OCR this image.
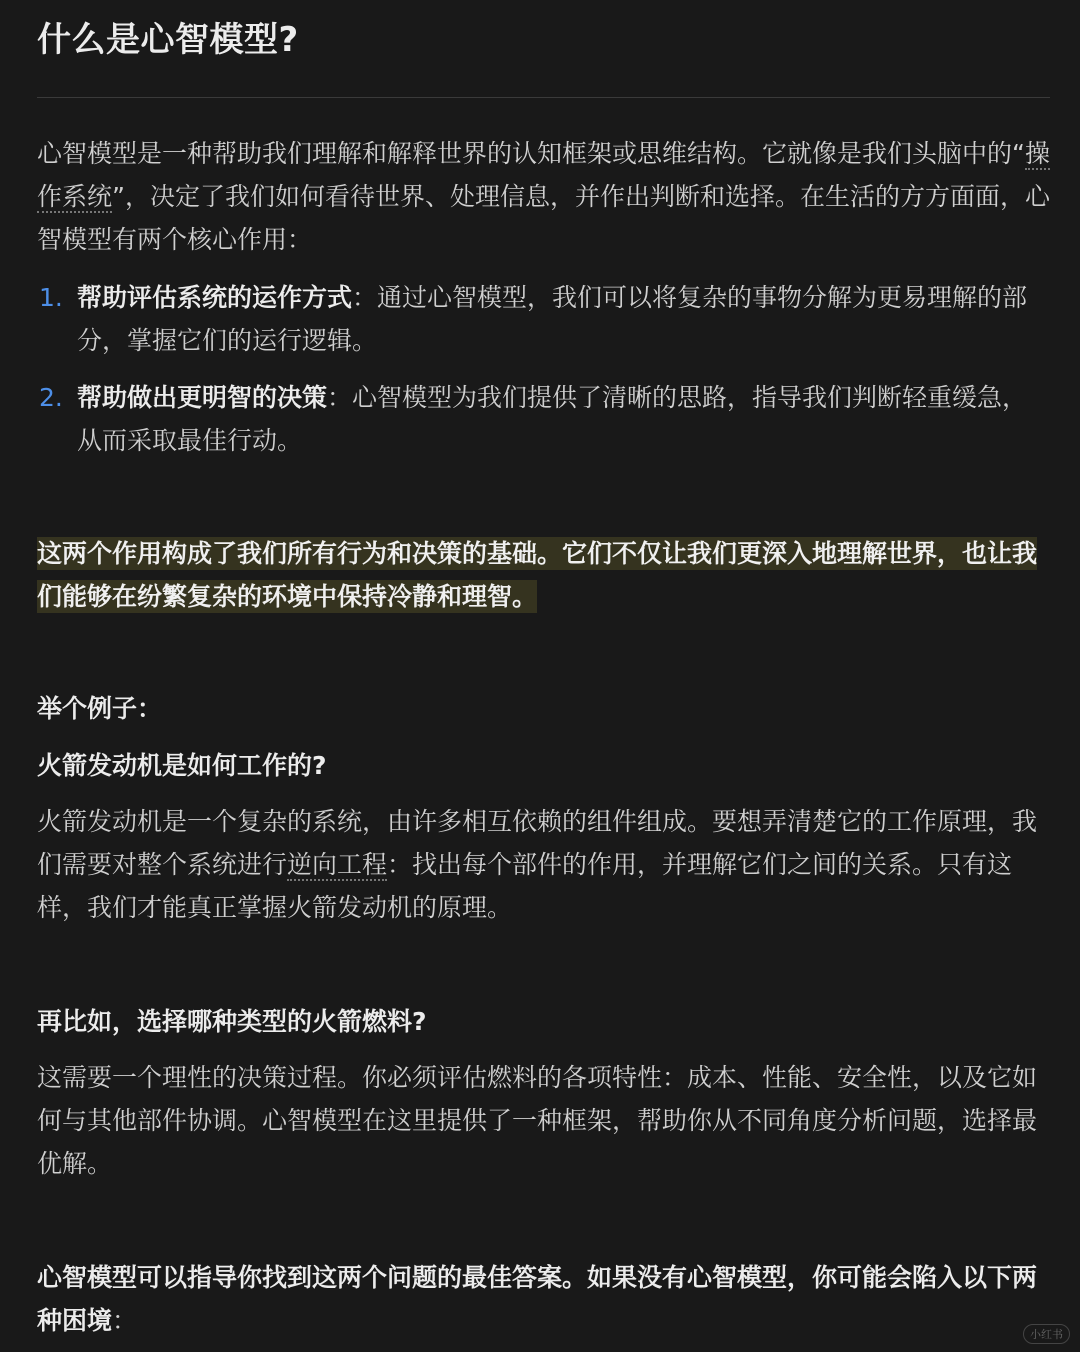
什么是心智模型?

心智模型是一种帮助我们理解和解释世界的认知框架或思维结构。它就像是我们头脑中的“操作系统”，决定了我们如何看待世界、处理信息，并作出判断和选择。在生活的方方面面，心智模型有两个核心作用：

1. 帮助评估系统的运作方式：通过心智模型，我们可以将复杂的事物分解为更易理解的部分，掌握它们的运行逻辑。
2. 帮助做出更明智的决策：心智模型为我们提供了清晰的思路，指导我们判断轻重缓急，从而采取最佳行动。

这两个作用构成了我们所有行为和决策的基础。它们不仅让我们更深入地理解世界，也让我们能够在纷繁复杂的环境中保持冷静和理智。

举个例子：
火箭发动机是如何工作的?

火箭发动机是一个复杂的系统，由许多相互依赖的组件组成。要想弄清楚它的工作原理，我们需要对整个系统进行逆向工程：找出每个部件的作用，并理解它们之间的关系。只有这样，我们才能真正掌握火箭发动机的原理。

再比如，选择哪种类型的火箭燃料?

这需要一个理性的决策过程。你必须评估燃料的各项特性：成本、性能、安全性，以及它如何与其他部件协调。心智模型在这里提供了一种框架，帮助你从不同角度分析问题，选择最优解。

心智模型可以指导你找到这两个问题的最佳答案。如果没有心智模型，你可能会陷入以下两种困境：	小红书
